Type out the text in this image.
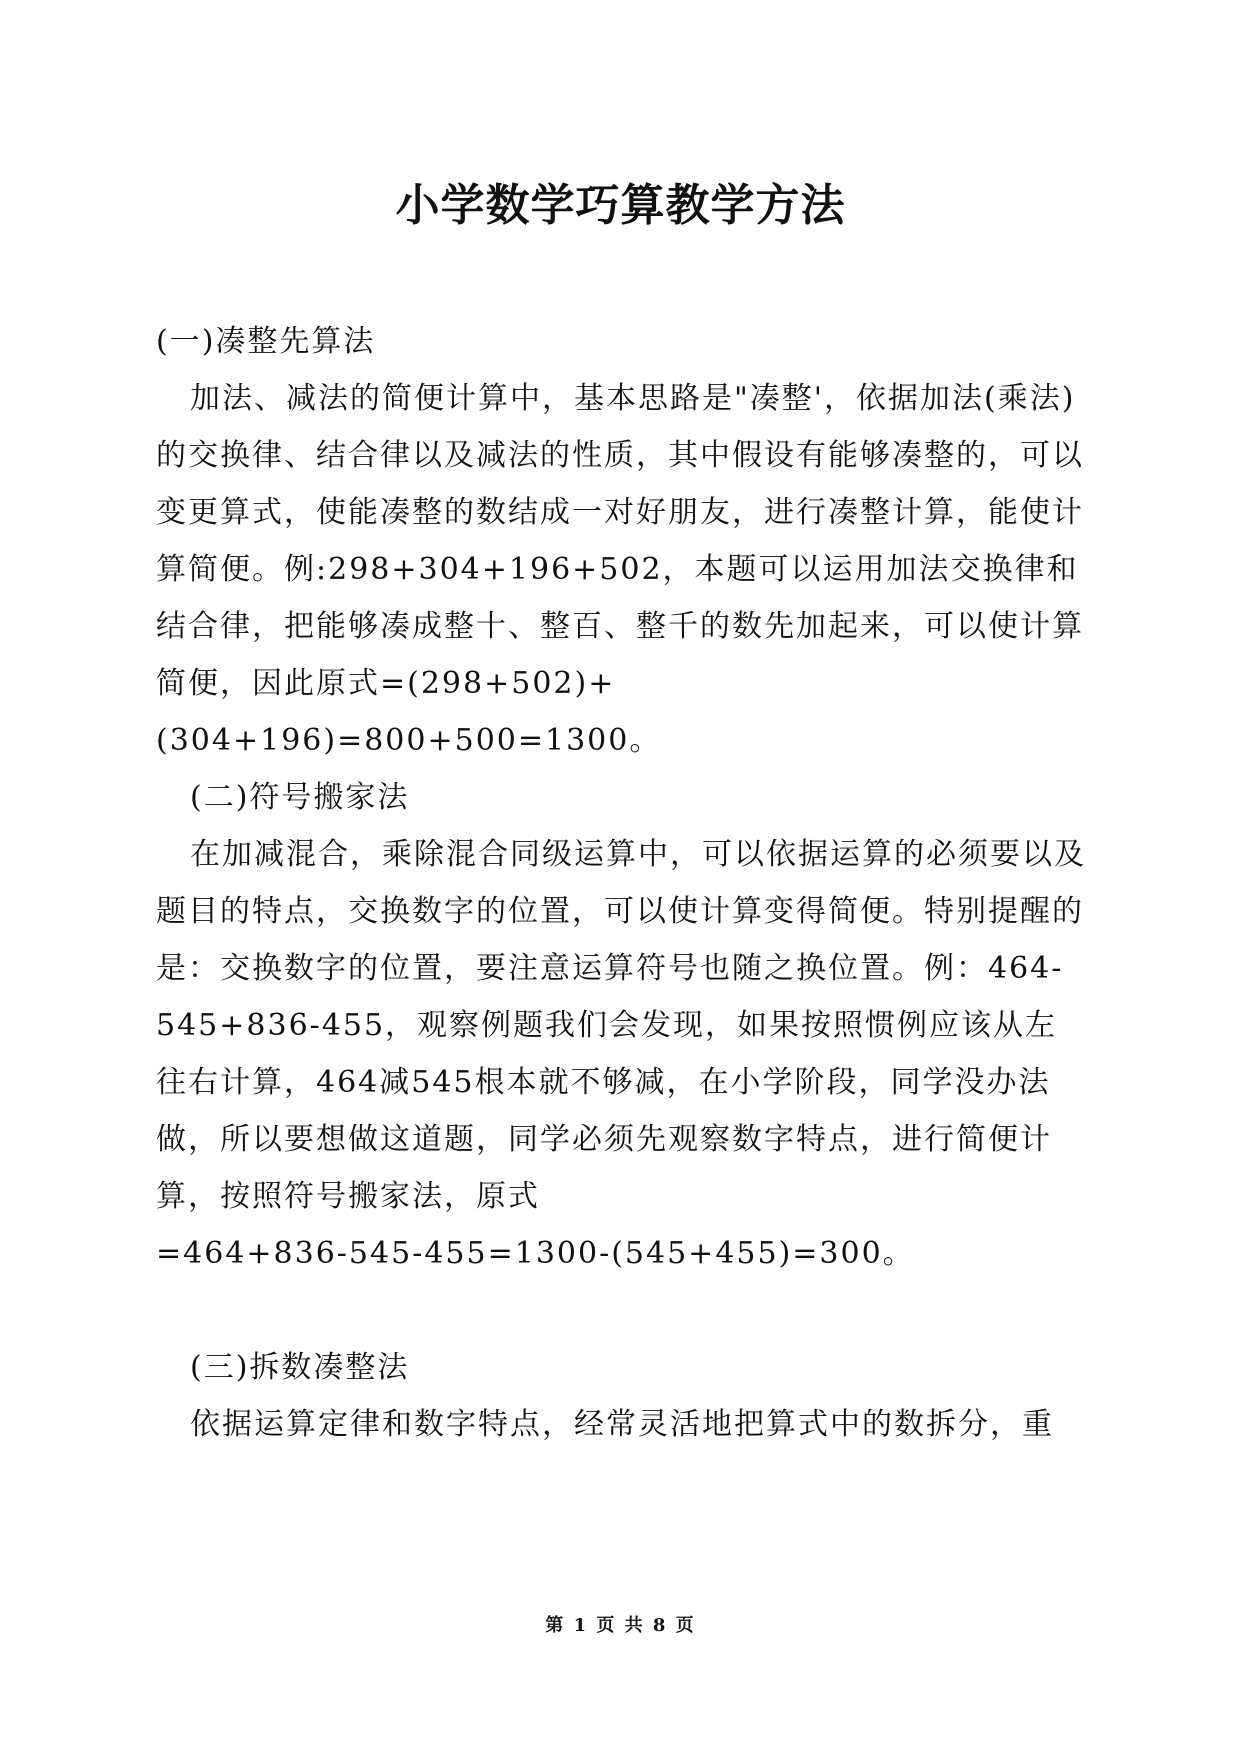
小学数学巧算教学方法

(一)凑整先算法

加法、减法的简便计算中，基本思路是"凑整'，依据加法(乘法)的交换律、结合律以及减法的性质，其中假设有能够凑整的，可以变更算式，使能凑整的数结成一对好朋友，进行凑整计算，能使计算简便。例:298+304+196+502，本题可以运用加法交换律和结合律，把能够凑成整十、整百、整千的数先加起来，可以使计算简便，因此原式=(298+502)+(304+196)=800+500=1300。

(二)符号搬家法

在加减混合，乘除混合同级运算中，可以依据运算的必须要以及题目的特点，交换数字的位置，可以使计算变得简便。特别提醒的是：交换数字的位置，要注意运算符号也随之换位置。例：464-545+836-455，观察例题我们会发现，如果按照惯例应该从左往右计算，464减545根本就不够减，在小学阶段，同学没办法做，所以要想做这道题，同学必须先观察数字特点，进行简便计算，按照符号搬家法，原式

=464+836-545-455=1300-(545+455)=300。

(三)拆数凑整法

依据运算定律和数字特点，经常灵活地把算式中的数拆分，重

第 1 页 共 8 页
